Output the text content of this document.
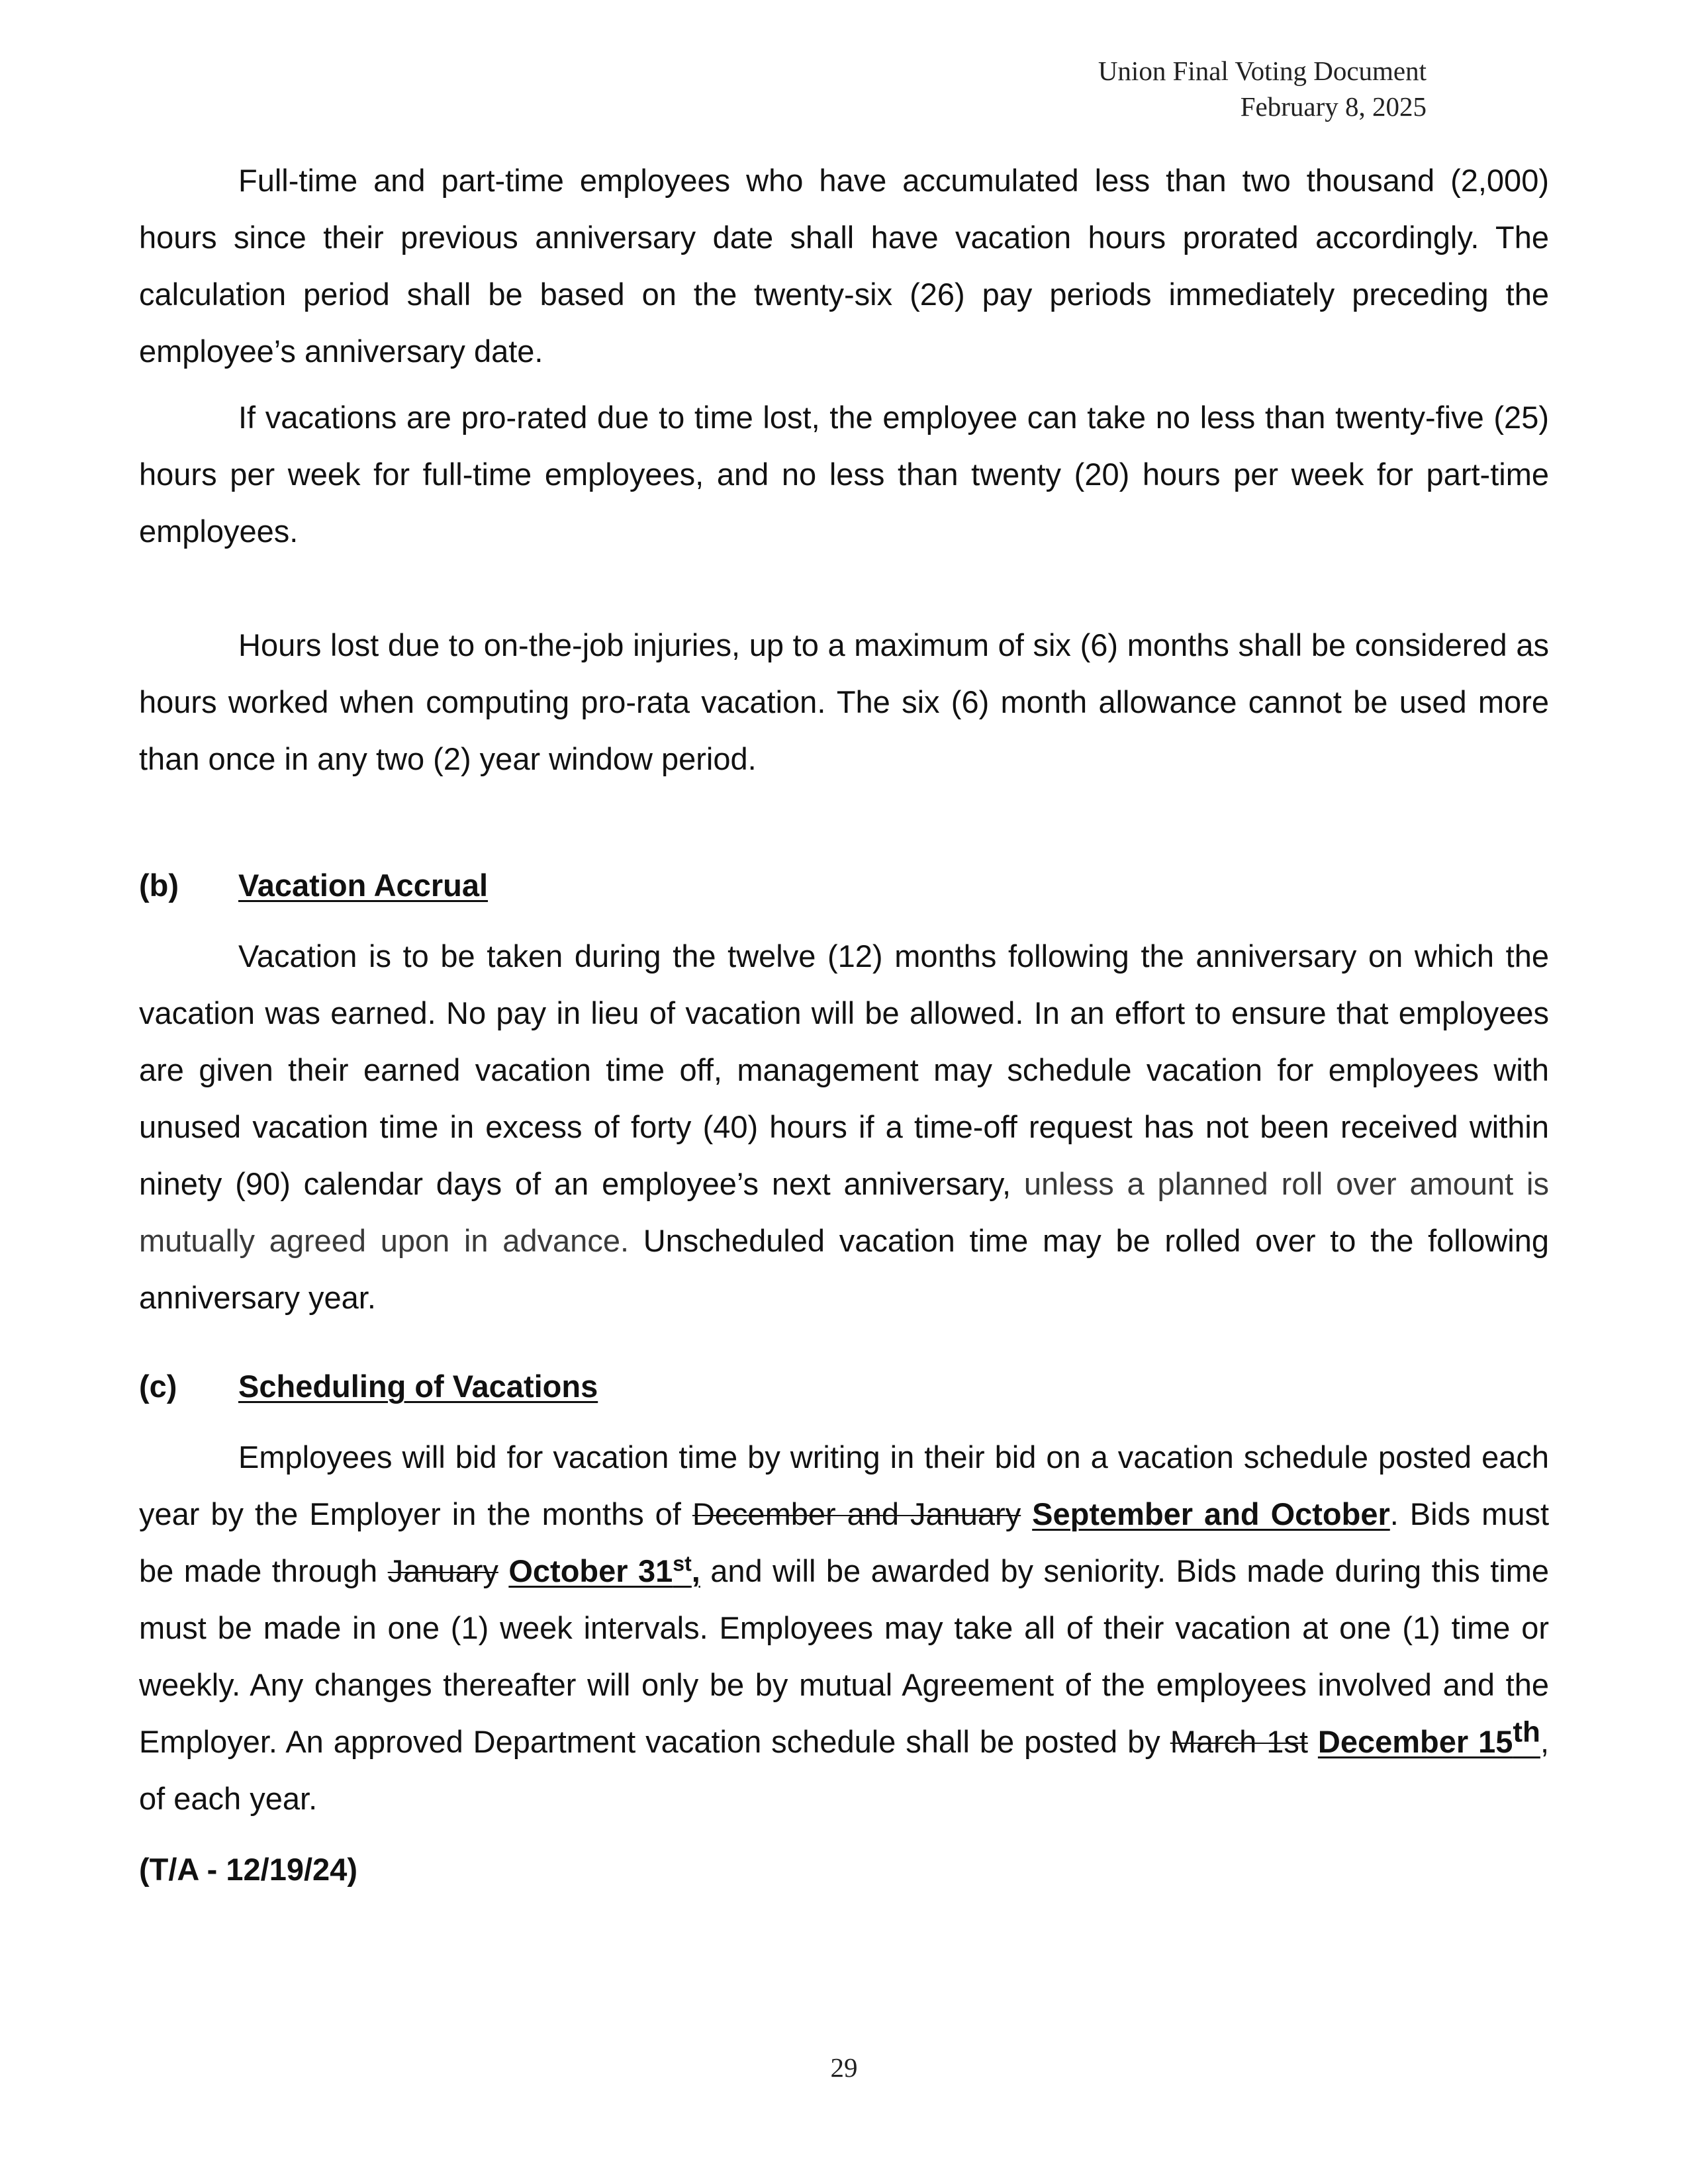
Union Final Voting Document
February 8, 2025

Full-time and part-time employees who have accumulated less than two thousand (2,000) hours since their previous anniversary date shall have vacation hours prorated accordingly. The calculation period shall be based on the twenty-six (26) pay periods immediately preceding the employee’s anniversary date.

If vacations are pro-rated due to time lost, the employee can take no less than twenty-five (25) hours per week for full-time employees, and no less than twenty (20) hours per week for part-time employees.

Hours lost due to on-the-job injuries, up to a maximum of six (6) months shall be considered as hours worked when computing pro-rata vacation. The six (6) month allowance cannot be used more than once in any two (2) year window period.

(b) Vacation Accrual

Vacation is to be taken during the twelve (12) months following the anniversary on which the vacation was earned. No pay in lieu of vacation will be allowed. In an effort to ensure that employees are given their earned vacation time off, management may schedule vacation for employees with unused vacation time in excess of forty (40) hours if a time-off request has not been received within ninety (90) calendar days of an employee’s next anniversary, unless a planned roll over amount is mutually agreed upon in advance. Unscheduled vacation time may be rolled over to the following anniversary year.

(c) Scheduling of Vacations

Employees will bid for vacation time by writing in their bid on a vacation schedule posted each year by the Employer in the months of December and January September and October. Bids must be made through January October 31st, and will be awarded by seniority. Bids made during this time must be made in one (1) week intervals. Employees may take all of their vacation at one (1) time or weekly. Any changes thereafter will only be by mutual Agreement of the employees involved and the Employer. An approved Department vacation schedule shall be posted by March 1st December 15th, of each year.

(T/A - 12/19/24)
29
